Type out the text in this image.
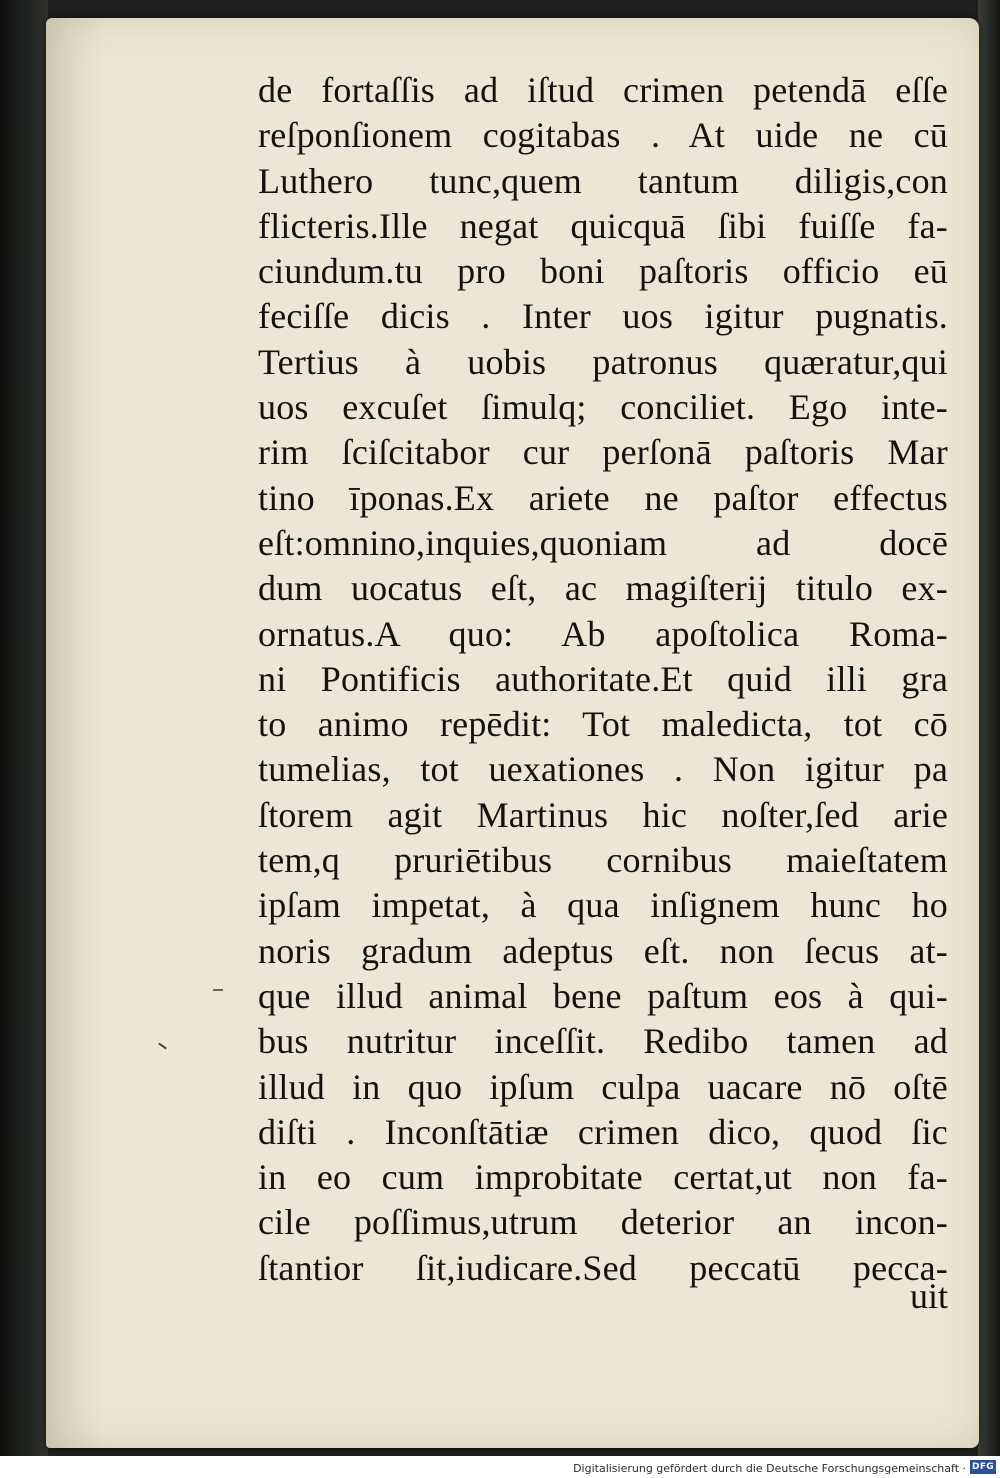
de fortaſſis ad iſtud crimen petendā eſſe
reſponſionem cogitabas . At uide ne cū
Luthero tunc,quem tantum diligis,con
flicteris.Ille negat quicquā ſibi fuiſſe fa-
ciundum.tu pro boni paſtoris officio eū
feciſſe dicis . Inter uos igitur pugnatis.
Tertius à uobis patronus quæratur,qui
uos excuſet ſimulq; conciliet. Ego inte-
rim ſciſcitabor cur perſonā paſtoris Mar
tino īponas.Ex ariete ne paſtor effectus
eſt:omnino,inquies,quoniam ad docē
dum uocatus eſt, ac magiſterij titulo ex-
ornatus.A quo: Ab apoſtolica Roma-
ni Pontificis authoritate.Et quid illi gra
to animo repēdit: Tot maledicta, tot cō
tumelias, tot uexationes . Non igitur pa
ſtorem agit Martinus hic noſter,ſed arie
tem,q pruriētibus cornibus maieſtatem
ipſam impetat, à qua inſignem hunc ho
noris gradum adeptus eſt. non ſecus at-
que illud animal bene paſtum eos à qui-
bus nutritur inceſſit. Redibo tamen ad
illud in quo ipſum culpa uacare nō oſtē
diſti . Inconſtātiæ crimen dico, quod ſic
in eo cum improbitate certat,ut non fa-
cile poſſimus,utrum deterior an incon-
ſtantior ſit,iudicare.Sed peccatū pecca-
uit
Digitalisierung gefördert durch die Deutsche Forschungsgemeinschaft · DFG
